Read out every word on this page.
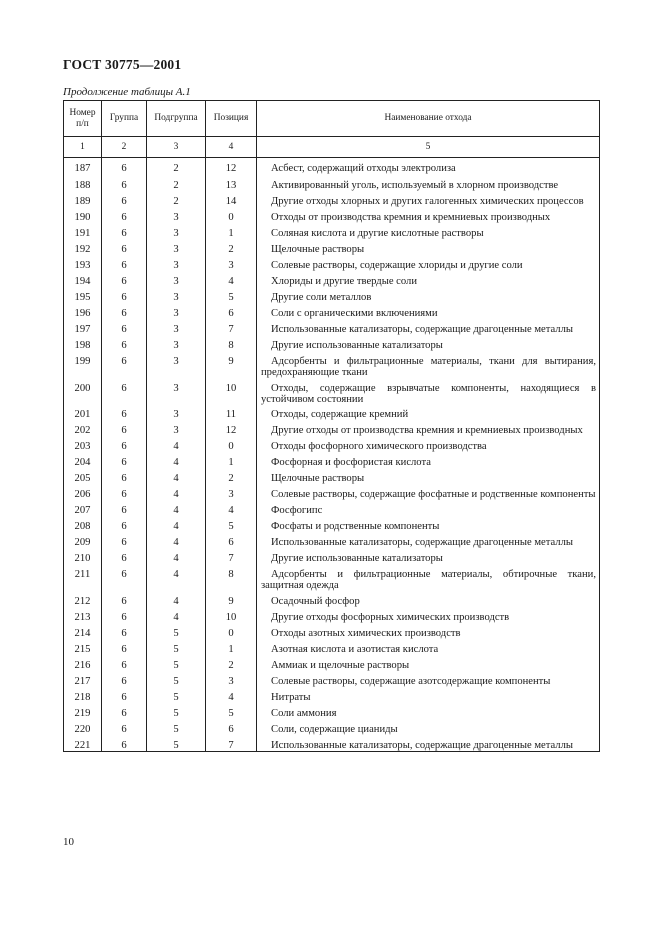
ГОСТ 30775—2001
Продолжение таблицы А.1
Номер п/п	Группа	Подгруппа	Позиция	Наименование отхода
1	2	3	4	5
187	6	2	12	Асбест, содержащий отходы электролиза

188	6	2	13	Активированный уголь, используемый в хлорном производстве

189	6	2	14	Другие отходы хлорных и других галогенных химических процессов

190	6	3	0	Отходы от производства кремния и кремниевых производных

191	6	3	1	Соляная кислота и другие кислотные растворы

192	6	3	2	Щелочные растворы

193	6	3	3	Солевые растворы, содержащие хлориды и другие соли

194	6	3	4	Хлориды и другие твердые соли

195	6	3	5	Другие соли металлов

196	6	3	6	Соли с органическими включениями

197	6	3	7	Использованные катализаторы, содержащие драгоценные металлы

198	6	3	8	Другие использованные катализаторы

199	6	3	9	Адсорбенты и фильтрационные материалы, ткани для вытирания, предохраняющие ткани

200	6	3	10	Отходы, содержащие взрывчатые компоненты, находящиеся в устойчивом состоянии

201	6	3	11	Отходы, содержащие кремний

202	6	3	12	Другие отходы от производства кремния и кремниевых производных

203	6	4	0	Отходы фосфорного химического производства

204	6	4	1	Фосфорная и фосфористая кислота

205	6	4	2	Щелочные растворы

206	6	4	3	Солевые растворы, содержащие фосфатные и родственные компоненты

207	6	4	4	Фосфогипс

208	6	4	5	Фосфаты и родственные компоненты

209	6	4	6	Использованные катализаторы, содержащие драгоценные металлы

210	6	4	7	Другие использованные катализаторы

211	6	4	8	Адсорбенты и фильтрационные материалы, обтирочные ткани, защитная одежда

212	6	4	9	Осадочный фосфор

213	6	4	10	Другие отходы фосфорных химических производств

214	6	5	0	Отходы азотных химических производств

215	6	5	1	Азотная кислота и азотистая кислота

216	6	5	2	Аммиак и щелочные растворы

217	6	5	3	Солевые растворы, содержащие азотсодержащие компоненты

218	6	5	4	Нитраты

219	6	5	5	Соли аммония

220	6	5	6	Соли, содержащие цианиды

221	6	5	7	Использованные катализаторы, содержащие драгоценные металлы
10
